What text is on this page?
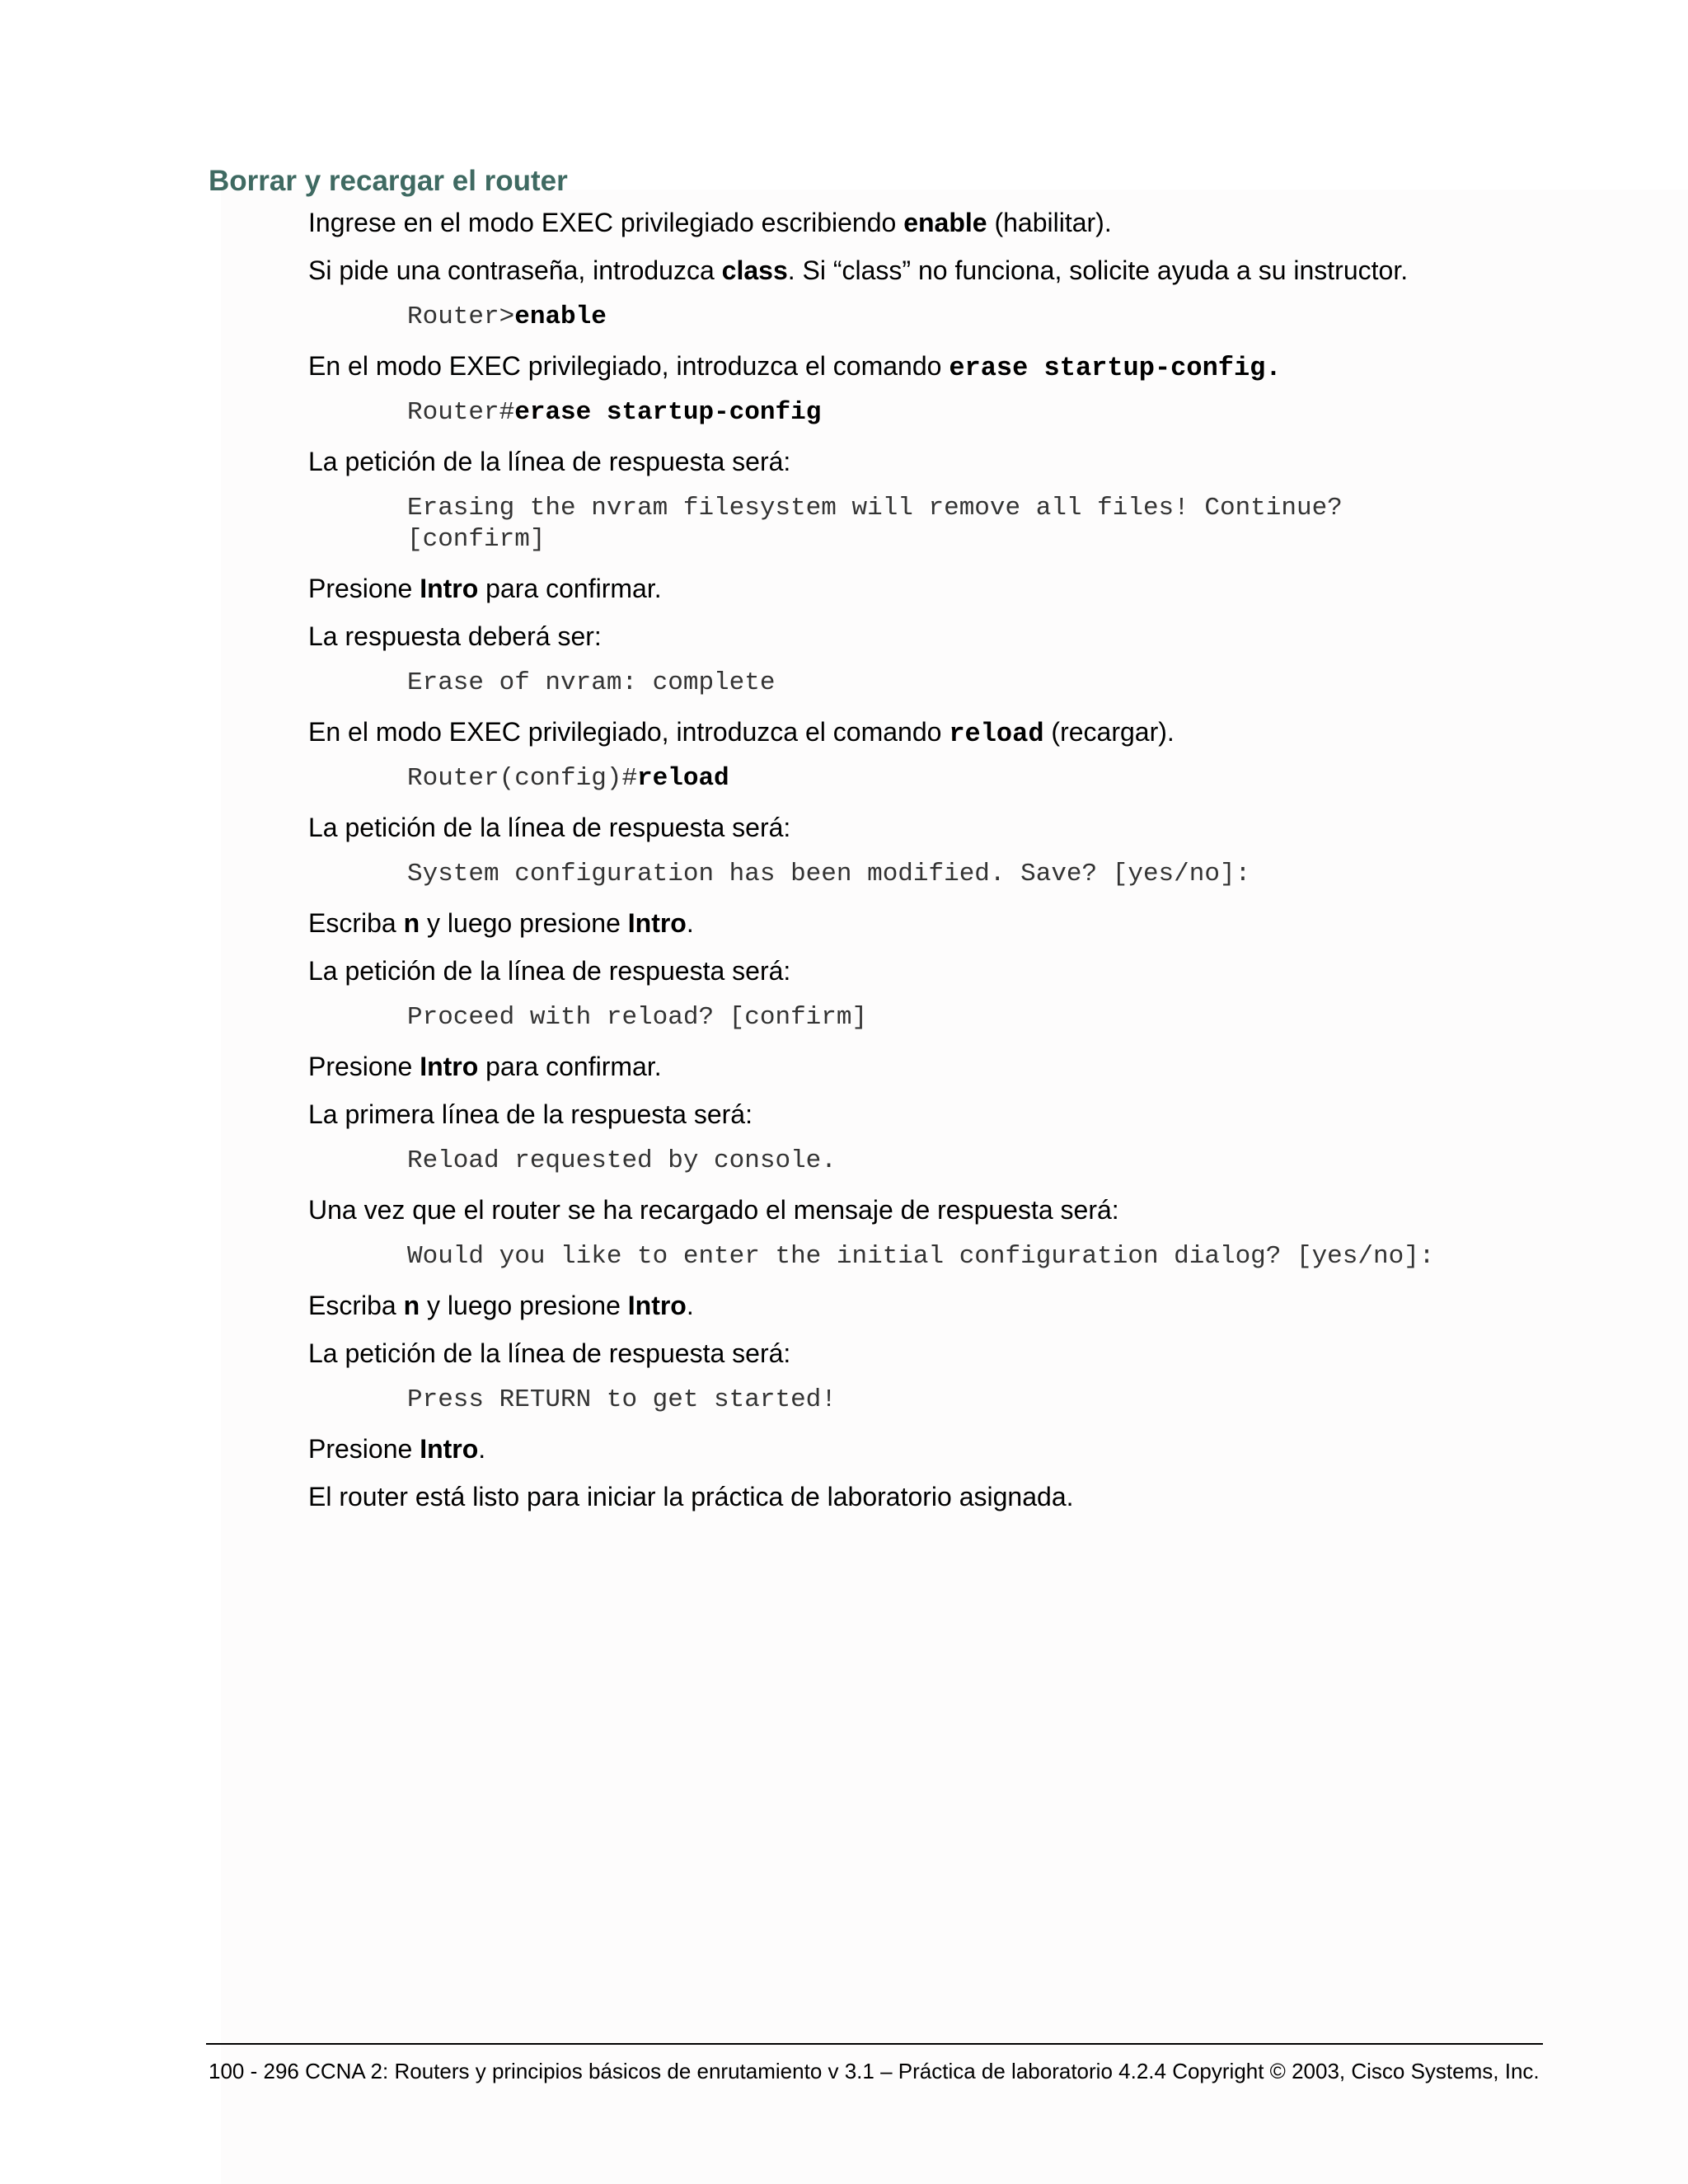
Borrar y recargar el router
Ingrese en el modo EXEC privilegiado escribiendo enable (habilitar).
Si pide una contraseña, introduzca class. Si “class” no funciona, solicite ayuda a su instructor.
Router>enable
En el modo EXEC privilegiado, introduzca el comando erase startup-config.
Router#erase startup-config
La petición de la línea de respuesta será:
Erasing the nvram filesystem will remove all files! Continue?
[confirm]
Presione Intro para confirmar.
La respuesta deberá ser:
Erase of nvram: complete
En el modo EXEC privilegiado, introduzca el comando reload (recargar).
Router(config)#reload
La petición de la línea de respuesta será:
System configuration has been modified. Save? [yes/no]:
Escriba n y luego presione Intro.
La petición de la línea de respuesta será:
Proceed with reload? [confirm]
Presione Intro para confirmar.
La primera línea de la respuesta será:
Reload requested by console.
Una vez que el router se ha recargado el mensaje de respuesta será:
Would you like to enter the initial configuration dialog? [yes/no]:
Escriba n y luego presione Intro.
La petición de la línea de respuesta será:
Press RETURN to get started!
Presione Intro.
El router está listo para iniciar la práctica de laboratorio asignada.
100 - 296 CCNA 2: Routers y principios básicos de enrutamiento v 3.1 – Práctica de laboratorio 4.2.4 Copyright © 2003, Cisco Systems, Inc.
